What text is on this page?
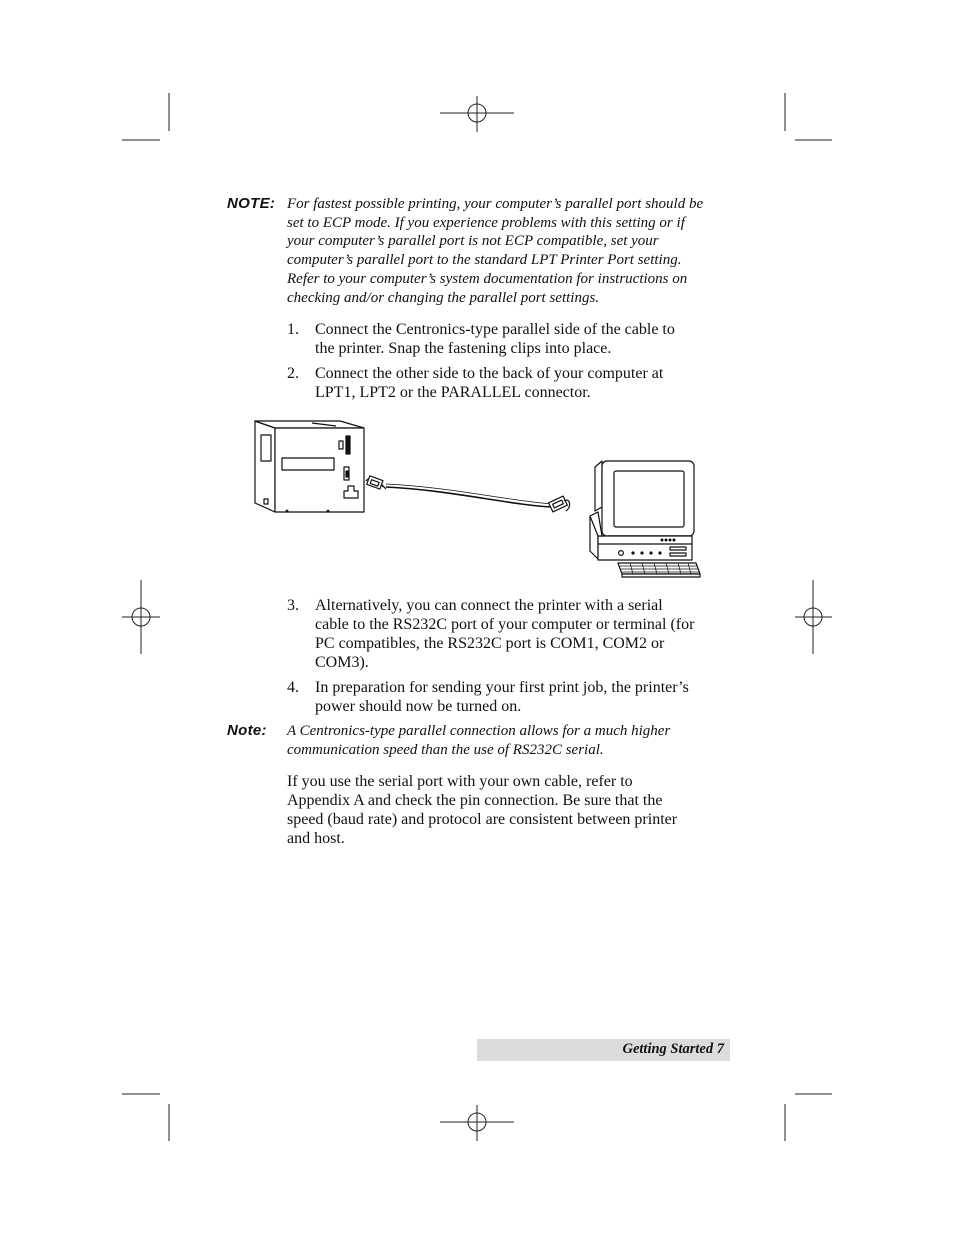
NOTE: For fastest possible printing, your computer’s parallel port should be
set to ECP mode. If you experience problems with this setting or if
your computer’s parallel port is not ECP compatible, set your
computer’s parallel port to the standard LPT Printer Port setting.
Refer to your computer’s system documentation for instructions on
checking and/or changing the parallel port settings.
1. Connect the Centronics-type parallel side of the cable to
the printer. Snap the fastening clips into place.
2. Connect the other side to the back of your computer at
LPT1, LPT2 or the PARALLEL connector.
3. Alternatively, you can connect the printer with a serial
cable to the RS232C port of your computer or terminal (for
PC compatibles, the RS232C port is COM1, COM2 or
COM3).
4. In preparation for sending your first print job, the printer’s
power should now be turned on.
Note: A Centronics-type parallel connection allows for a much higher
communication speed than the use of RS232C serial.
If you use the serial port with your own cable, refer to
Appendix A and check the pin connection. Be sure that the
speed (baud rate) and protocol are consistent between printer
and host.
Getting Started 7
